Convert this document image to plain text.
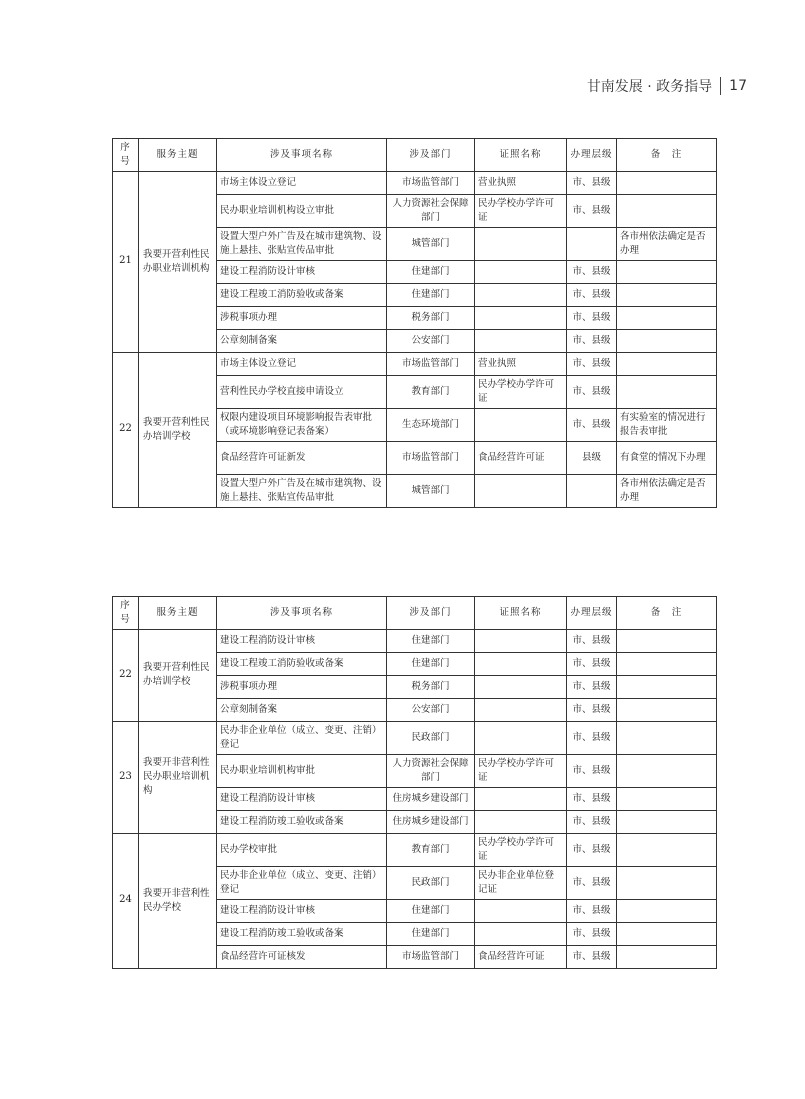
甘南发展 · 政务指导 17
序号	服务主题	涉及事项名称	涉及部门	证照名称	办理层级	备　注
21	我要开营利性民办职业培训机构	市场主体设立登记	市场监管部门	营业执照	市、县级	
		民办职业培训机构设立审批	人力资源社会保障部门	民办学校办学许可证	市、县级	
		设置大型户外广告及在城市建筑物、设施上悬挂、张贴宣传品审批	城管部门			各市州依法确定是否办理
		建设工程消防设计审核	住建部门		市、县级	
		建设工程竣工消防验收或备案	住建部门		市、县级	
		涉税事项办理	税务部门		市、县级	
		公章刻制备案	公安部门		市、县级	
22	我要开营利性民办培训学校	市场主体设立登记	市场监管部门	营业执照	市、县级	
		营利性民办学校直接申请设立	教育部门	民办学校办学许可证	市、县级	
		权限内建设项目环境影响报告表审批（或环境影响登记表备案）	生态环境部门		市、县级	有实验室的情况进行报告表审批
		食品经营许可证新发	市场监管部门	食品经营许可证	县级	有食堂的情况下办理
		设置大型户外广告及在城市建筑物、设施上悬挂、张贴宣传品审批	城管部门			各市州依法确定是否办理
序号	服务主题	涉及事项名称	涉及部门	证照名称	办理层级	备　注
22	我要开营利性民办培训学校	建设工程消防设计审核	住建部门		市、县级	
		建设工程竣工消防验收或备案	住建部门		市、县级	
		涉税事项办理	税务部门		市、县级	
		公章刻制备案	公安部门		市、县级	
23	我要开非营利性民办职业培训机构	民办非企业单位（成立、变更、注销）登记	民政部门		市、县级	
		民办职业培训机构审批	人力资源社会保障部门	民办学校办学许可证	市、县级	
		建设工程消防设计审核	住房城乡建设部门		市、县级	
		建设工程消防竣工验收或备案	住房城乡建设部门		市、县级	
24	我要开非营利性民办学校	民办学校审批	教育部门	民办学校办学许可证	市、县级	
		民办非企业单位（成立、变更、注销）登记	民政部门	民办非企业单位登记证	市、县级	
		建设工程消防设计审核	住建部门		市、县级	
		建设工程消防竣工验收或备案	住建部门		市、县级	
		食品经营许可证核发	市场监管部门	食品经营许可证	市、县级	
